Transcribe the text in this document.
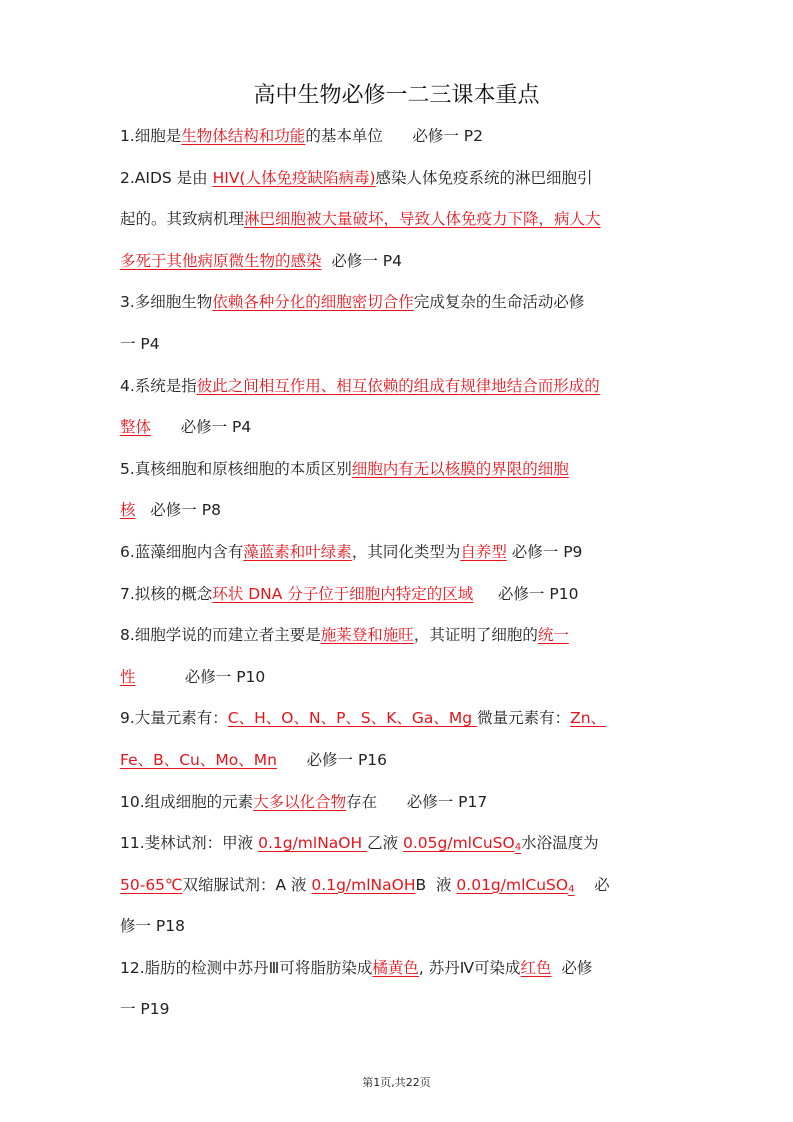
高中生物必修一二三课本重点
1.细胞是生物体结构和功能的基本单位      必修一 P2
2.AIDS 是由 HIV(人体免疫缺陷病毒)感染人体免疫系统的淋巴细胞引
起的。其致病机理淋巴细胞被大量破坏，导致人体免疫力下降，病人大
多死于其他病原微生物的感染  必修一 P4
3.多细胞生物依赖各种分化的细胞密切合作完成复杂的生命活动必修
一 P4
4.系统是指彼此之间相互作用、相互依赖的组成有规律地结合而形成的
整体      必修一 P4
5.真核细胞和原核细胞的本质区别细胞内有无以核膜的界限的细胞
核   必修一 P8
6.蓝藻细胞内含有藻蓝素和叶绿素，其同化类型为自养型 必修一 P9
7.拟核的概念环状 DNA 分子位于细胞内特定的区域     必修一 P10
8.细胞学说的而建立者主要是施莱登和施旺，其证明了细胞的统一
性          必修一 P10
9.大量元素有：C、H、O、N、P、S、K、Ga、Mg 微量元素有：Zn、
Fe、B、Cu、Mo、Mn      必修一 P16
10.组成细胞的元素大多以化合物存在      必修一 P17
11.斐林试剂：甲液 0.1g/mlNaOH 乙液 0.05g/mlCuSO$_4$水浴温度为
50-65℃双缩脲试剂：A 液 0.1g/mlNaOHB  液 0.01g/mlCuSO$_4$    必
修一 P18
12.脂肪的检测中苏丹Ⅲ可将脂肪染成橘黄色, 苏丹Ⅳ可染成红色  必修
一 P19
第1页,共22页
